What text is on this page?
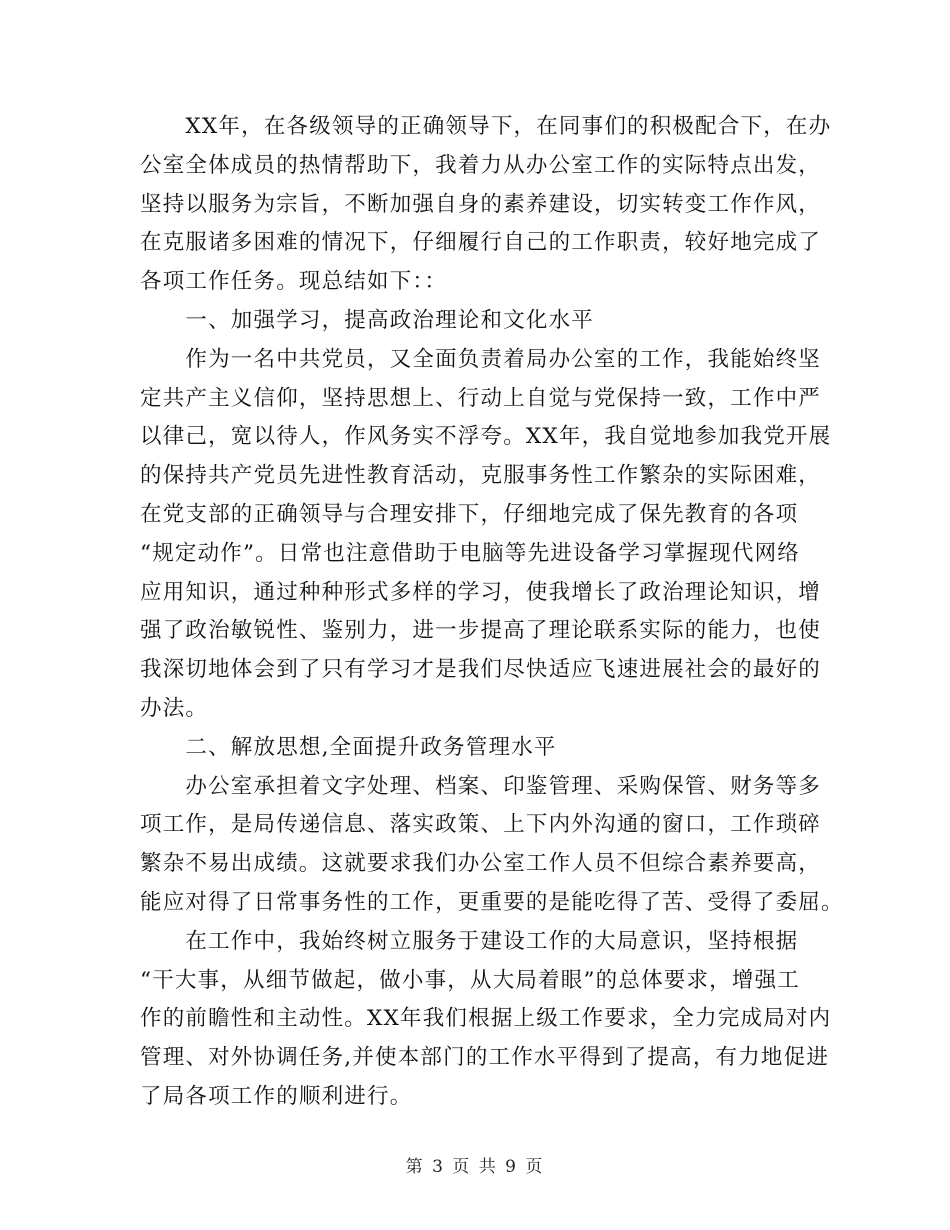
　　XX年，在各级领导的正确领导下，在同事们的积极配合下，在办
公室全体成员的热情帮助下，我着力从办公室工作的实际特点出发，
坚持以服务为宗旨，不断加强自身的素养建设，切实转变工作作风，
在克服诸多困难的情况下，仔细履行自己的工作职责，较好地完成了
各项工作任务。现总结如下：：
　　一、加强学习，提高政治理论和文化水平
　　作为一名中共党员，又全面负责着局办公室的工作，我能始终坚
定共产主义信仰，坚持思想上、行动上自觉与党保持一致，工作中严
以律己，宽以待人，作风务实不浮夸。XX年，我自觉地参加我党开展
的保持共产党员先进性教育活动，克服事务性工作繁杂的实际困难，
在党支部的正确领导与合理安排下，仔细地完成了保先教育的各项
“规定动作”。日常也注意借助于电脑等先进设备学习掌握现代网络
应用知识，通过种种形式多样的学习，使我增长了政治理论知识，增
强了政治敏锐性、鉴别力，进一步提高了理论联系实际的能力，也使
我深切地体会到了只有学习才是我们尽快适应飞速进展社会的最好的
办法。
　　二、解放思想,全面提升政务管理水平
　　办公室承担着文字处理、档案、印鉴管理、采购保管、财务等多
项工作，是局传递信息、落实政策、上下内外沟通的窗口，工作琐碎
繁杂不易出成绩。这就要求我们办公室工作人员不但综合素养要高，
能应对得了日常事务性的工作，更重要的是能吃得了苦、受得了委屈。
　　在工作中，我始终树立服务于建设工作的大局意识，坚持根据
“干大事，从细节做起，做小事，从大局着眼”的总体要求，增强工
作的前瞻性和主动性。XX年我们根据上级工作要求，全力完成局对内
管理、对外协调任务,并使本部门的工作水平得到了提高，有力地促进
了局各项工作的顺利进行。
第 3 页 共 9 页
